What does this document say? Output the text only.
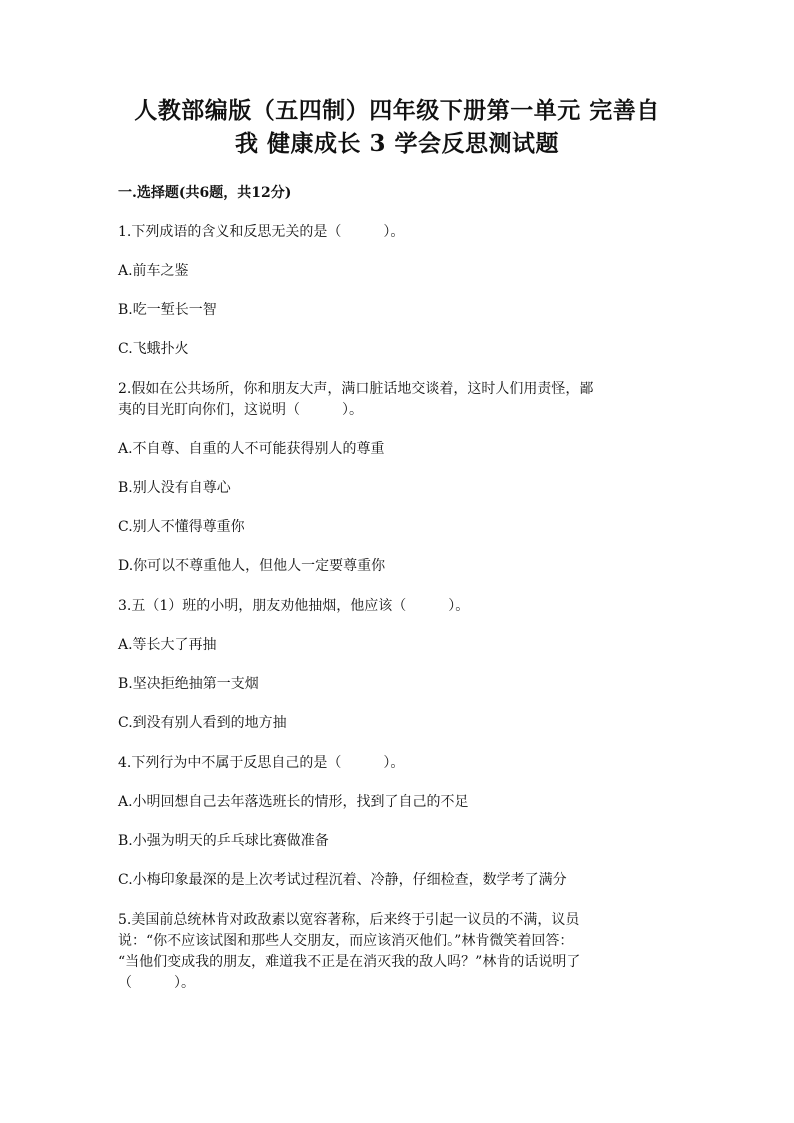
人教部编版（五四制）四年级下册第一单元 完善自
我 健康成长 3 学会反思测试题
一.选择题(共6题，共12分)

1.下列成语的含义和反思无关的是（　　　）。

A.前车之鉴

B.吃一堑长一智

C.飞蛾扑火

2.假如在公共场所，你和朋友大声，满口脏话地交谈着，这时人们用责怪，鄙

夷的目光盯向你们，这说明（　　　）。

A.不自尊、自重的人不可能获得别人的尊重

B.别人没有自尊心

C.别人不懂得尊重你

D.你可以不尊重他人，但他人一定要尊重你

3.五（1）班的小明，朋友劝他抽烟，他应该（　　　）。

A.等长大了再抽

B.坚决拒绝抽第一支烟

C.到没有别人看到的地方抽

4.下列行为中不属于反思自己的是（　　　）。

A.小明回想自己去年落选班长的情形，找到了自己的不足

B.小强为明天的乒乓球比赛做准备

C.小梅印象最深的是上次考试过程沉着、冷静，仔细检查，数学考了满分

5.美国前总统林肯对政敌素以宽容著称，后来终于引起一议员的不满，议员

说：“你不应该试图和那些人交朋友，而应该消灭他们。”林肯微笑着回答：

“当他们变成我的朋友，难道我不正是在消灭我的敌人吗？”林肯的话说明了

（　　　）。
